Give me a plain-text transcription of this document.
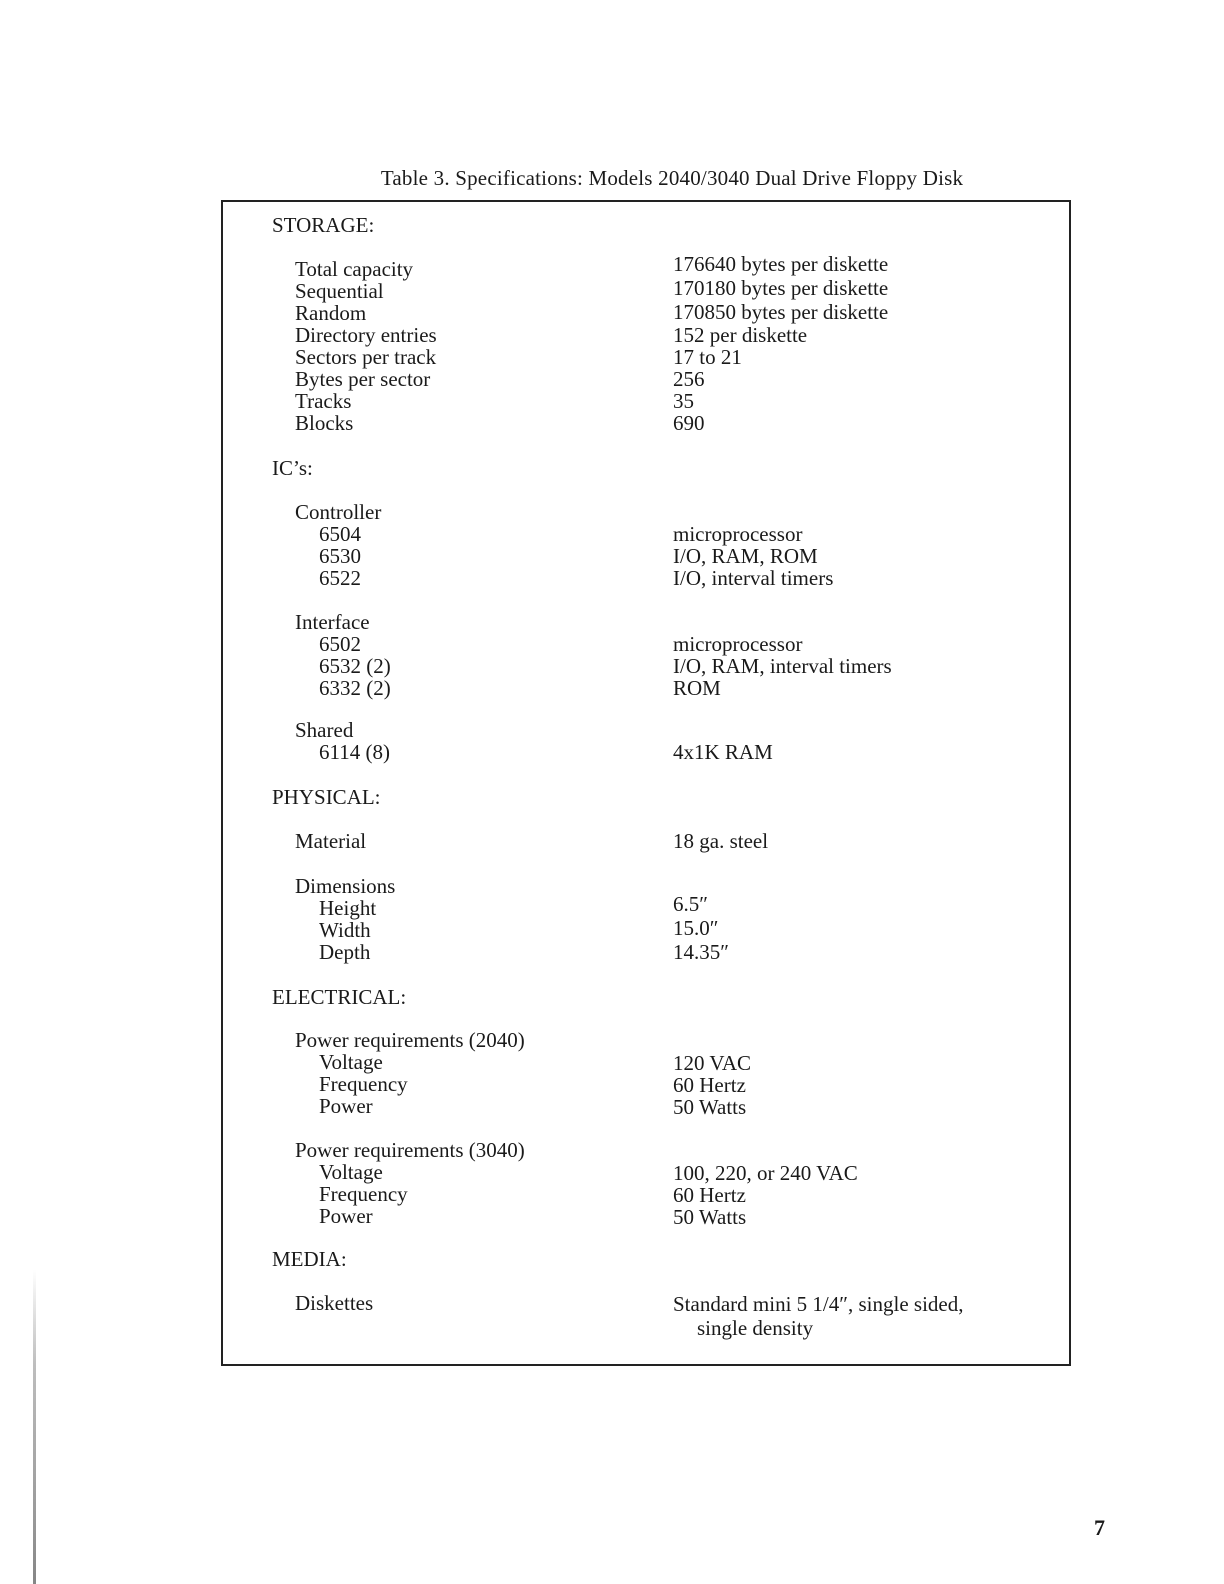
Table 3. Specifications: Models 2040/3040 Dual Drive Floppy Disk
STORAGE:
Total capacity	176640 bytes per diskette
Sequential	170180 bytes per diskette
Random	170850 bytes per diskette
Directory entries	152 per diskette
Sectors per track	17 to 21
Bytes per sector	256
Tracks	35
Blocks	690
IC’s:
Controller
6504	microprocessor
6530	I/O, RAM, ROM
6522	I/O, interval timers
Interface
6502	microprocessor
6532 (2)	I/O, RAM, interval timers
6332 (2)	ROM
Shared
6114 (8)	4x1K RAM
PHYSICAL:
Material	18 ga. steel
Dimensions
Height	6.5″
Width	15.0″
Depth	14.35″
ELECTRICAL:
Power requirements (2040)
Voltage	120 VAC
Frequency	60 Hertz
Power	50 Watts
Power requirements (3040)
Voltage	100, 220, or 240 VAC
Frequency	60 Hertz
Power	50 Watts
MEDIA:
Diskettes	Standard mini 5 1/4″, single sided,
single density
7
